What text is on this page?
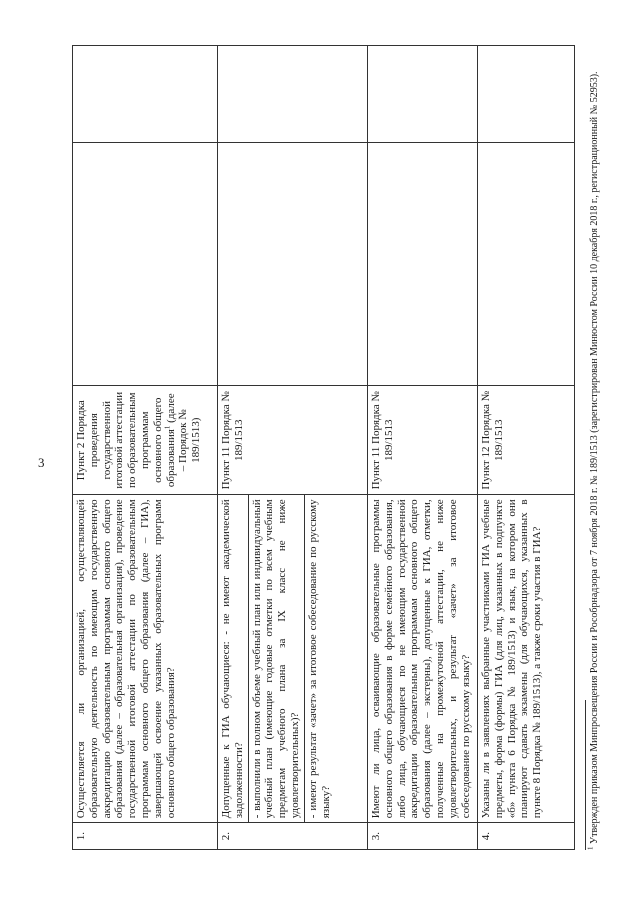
3
1.	Осуществляется ли организацией, осуществляющей образовательную деятельность по имеющим государственную аккредитацию образовательным программам основного общего образования (далее – образовательная организация), проведение государственной итоговой аттестации по образовательным программам основного общего образования (далее – ГИА), завершающей освоение указанных образовательных программ основного общего образования?	Пункт 2 Порядка проведения государственной итоговой аттестации по образовательным программам основного общего образования$^1$ (далее – Порядок № 189/1513)		
2.	Допущенные к ГИА обучающиеся: - не имеют академической задолженности? - выполнили в полном объеме учебный план или индивидуальный учебный план (имеющие годовые отметки по всем учебным предметам учебного плана за IX класс не ниже удовлетворительных)? - имеют результат «зачет» за итоговое собеседование по русскому языку?	Пункт 11 Порядка № 189/1513		
3.	Имеют ли лица, осваивающие образовательные программы основного общего образования в форме семейного образования, либо лица, обучающиеся по не имеющим государственной аккредитации образовательным программам основного общего образования (далее – экстерны), допущенные к ГИА, отметки, полученные на промежуточной аттестации, не ниже удовлетворительных, и результат «зачет» за итоговое собеседование по русскому языку?	Пункт 11 Порядка № 189/1513		
4.	Указаны ли в заявлениях выбранные участниками ГИА учебные предметы, форма (формы) ГИА (для лиц, указанных в подпункте «б» пункта 6 Порядка № 189/1513) и язык, на котором они планируют сдавать экзамены (для обучающихся, указанных в пункте 8 Порядка № 189/1513), а также сроки участия в ГИА?	Пункт 12 Порядка № 189/1513		
$^1$ Утвержден приказом Минпросвещения России и Рособрнадзора от 7 ноября 2018 г. № 189/1513 (зарегистрирован Минюстом России 10 декабря 2018 г., регистрационный № 52953).
